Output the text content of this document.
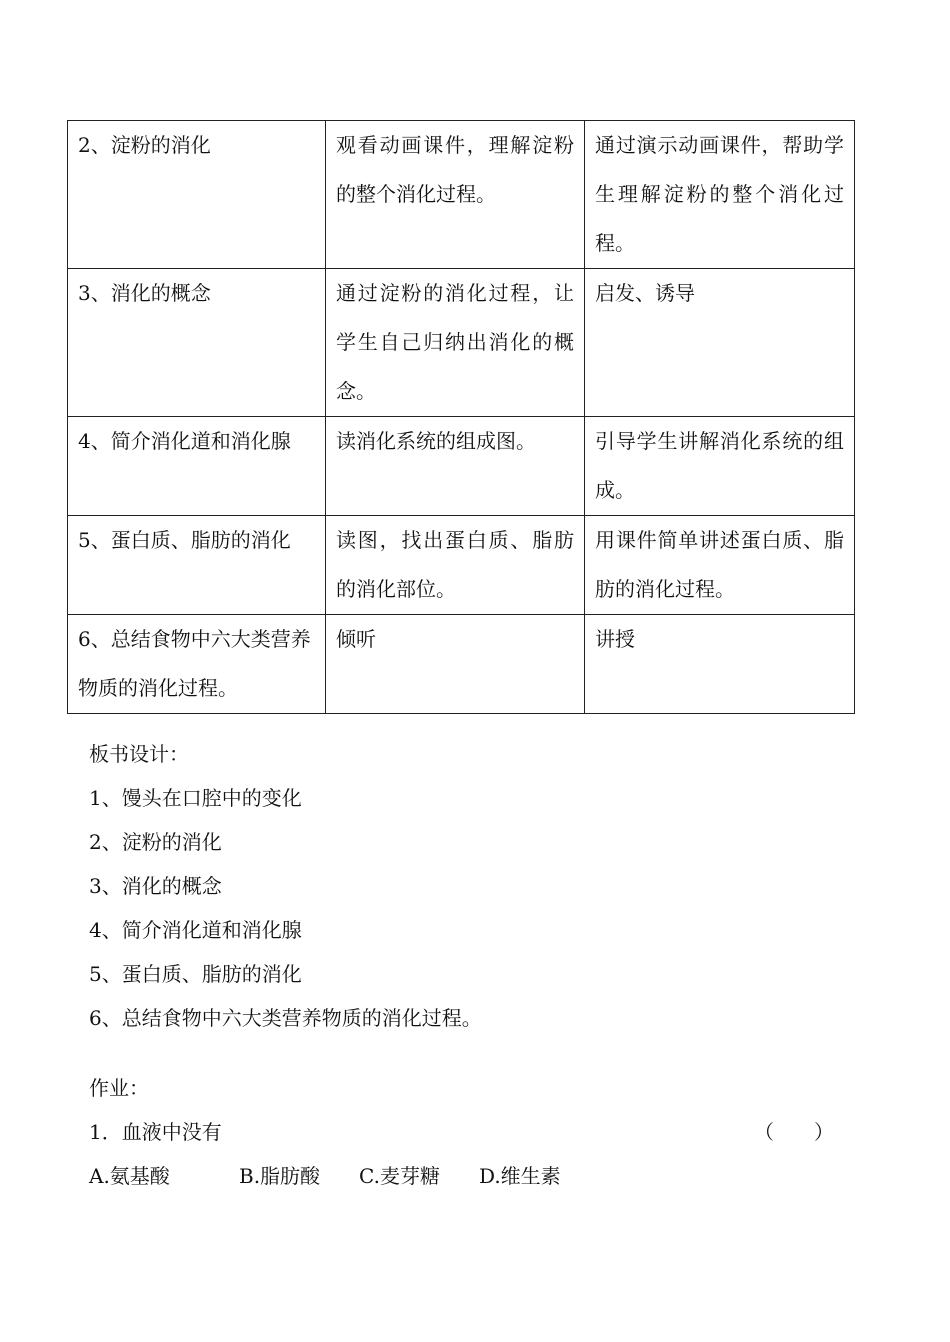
2、淀粉的消化	观看动画课件，理解淀粉的整个消化过程。	通过演示动画课件，帮助学生理解淀粉的整个消化过程。
3、消化的概念	通过淀粉的消化过程，让学生自己归纳出消化的概念。	启发、诱导
4、简介消化道和消化腺	读消化系统的组成图。	引导学生讲解消化系统的组成。
5、蛋白质、脂肪的消化	读图，找出蛋白质、脂肪的消化部位。	用课件简单讲述蛋白质、脂肪的消化过程。
6、总结食物中六大类营养物质的消化过程。	倾听	讲授
板书设计：
1、馒头在口腔中的变化
2、淀粉的消化
3、消化的概念
4、简介消化道和消化腺
5、蛋白质、脂肪的消化
6、总结食物中六大类营养物质的消化过程。
作业：
1．血液中没有	（　　）
A.氨基酸	B.脂肪酸 C.麦芽糖 D.维生素
